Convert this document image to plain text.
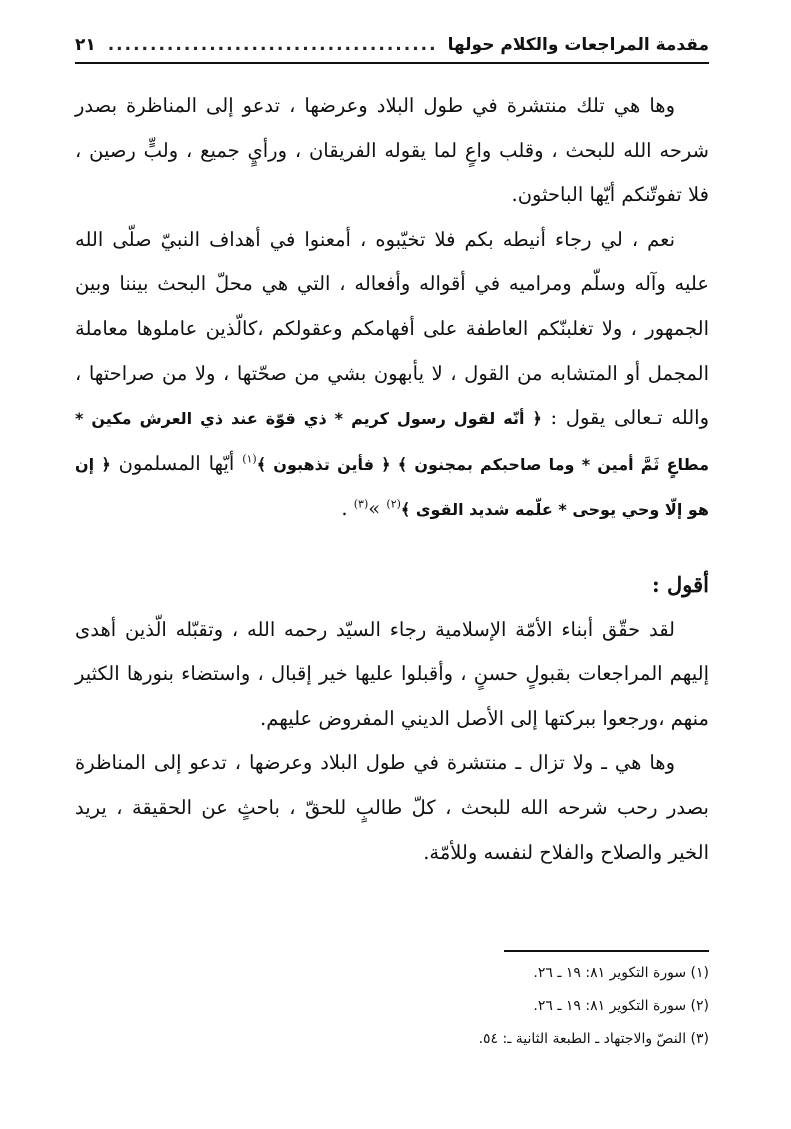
مقدمة المراجعات والكلام حولها
.....
٢١

وها هي تلك منتشرة في طول البلاد وعرضها ، تدعو إلى المناظرة بصدر شرحه الله للبحث ، وقلب واعٍ لما يقوله الفريقان ، ورأيٍ جميع ، ولبٍّ رصين ، فلا تفوتّنكم أيّها الباحثون.

نعم ، لي رجاء أنيطه بكم فلا تخيّبوه ، أمعنوا في أهداف النبيّ صلّى الله عليه وآله وسلّم ومراميه في أقواله وأفعاله ، التي هي محلّ البحث بيننا وبين الجمهور ، ولا تغلبنّكم العاطفة على أفهامكم وعقولكم ،كالّذين عاملوها معاملة المجمل أو المتشابه من القول ، لا يأبهون بشي من صحّتها ، ولا من صراحتها ، والله تـعالى يقول : ﴿ أنّه لقول رسول كريم * ذي قوّة عند ذي العرش مكين * مطاعٍ ثَمَّ أمين * وما صاحبكم بمجنون ﴾ ﴿ فأين تذهبون ﴾$^{(١)}$ أيّها المسلمون ﴿ إن هو إلّا وحي يوحى * علّمه شديد القوى ﴾$^{(٢)}$ »$^{(٣)}$ .

أقول :

لقد حقّق أبناء الأمّة الإسلامية رجاء السيّد رحمه الله ، وتقبّله الّذين أهدى إليهم المراجعات بقبولٍ حسنٍ ، وأقبلوا عليها خير إقبال ، واستضاء بنورها الكثير منهم ،ورجعوا ببركتها إلى الأصل الديني المفروض عليهم.

وها هي ـ ولا تزال ـ منتشرة في طول البلاد وعرضها ، تدعو إلى المناظرة بصدر رحب شرحه الله للبحث ، كلّ طالبٍ للحقّ ، باحثٍ عن الحقيقة ، يريد الخير والصلاح والفلاح لنفسه وللأمّة.

(١) سورة التكوير ٨١: ١٩ ـ ٢٦.
(٢) سورة التكوير ٨١: ١٩ ـ ٢٦.
(٣) النصّ والاجتهاد ـ الطبعة الثانية ـ: ٥٤.
